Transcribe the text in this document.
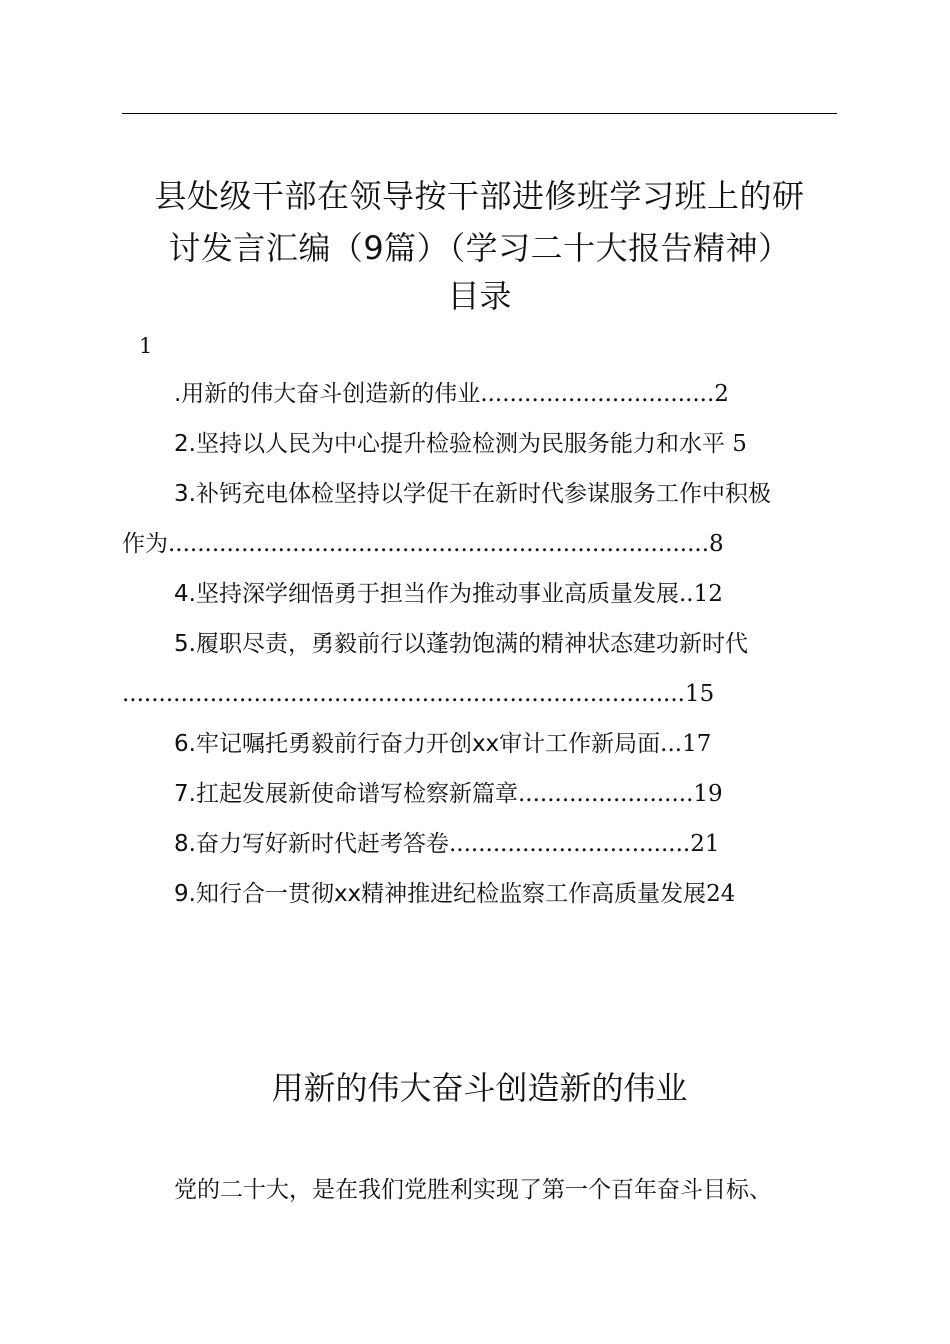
县处级干部在领导按干部进修班学习班上的研
讨发言汇编（9篇）（学习二十大报告精神）
目录
1
.用新的伟大奋斗创造新的伟业................................2
2.坚持以人民为中心提升检验检测为民服务能力和水平 5
3.补钙充电体检坚持以学促干在新时代参谋服务工作中积极
作为..........................................................................8
4.坚持深学细悟勇于担当作为推动事业高质量发展..12
5.履职尽责，勇毅前行以蓬勃饱满的精神状态建功新时代
.............................................................................15
6.牢记嘱托勇毅前行奋力开创xx审计工作新局面...17
7.扛起发展新使命谱写检察新篇章........................19
8.奋力写好新时代赶考答卷.................................21
9.知行合一贯彻xx精神推进纪检监察工作高质量发展24
用新的伟大奋斗创造新的伟业
党的二十大，是在我们党胜利实现了第一个百年奋斗目标、
